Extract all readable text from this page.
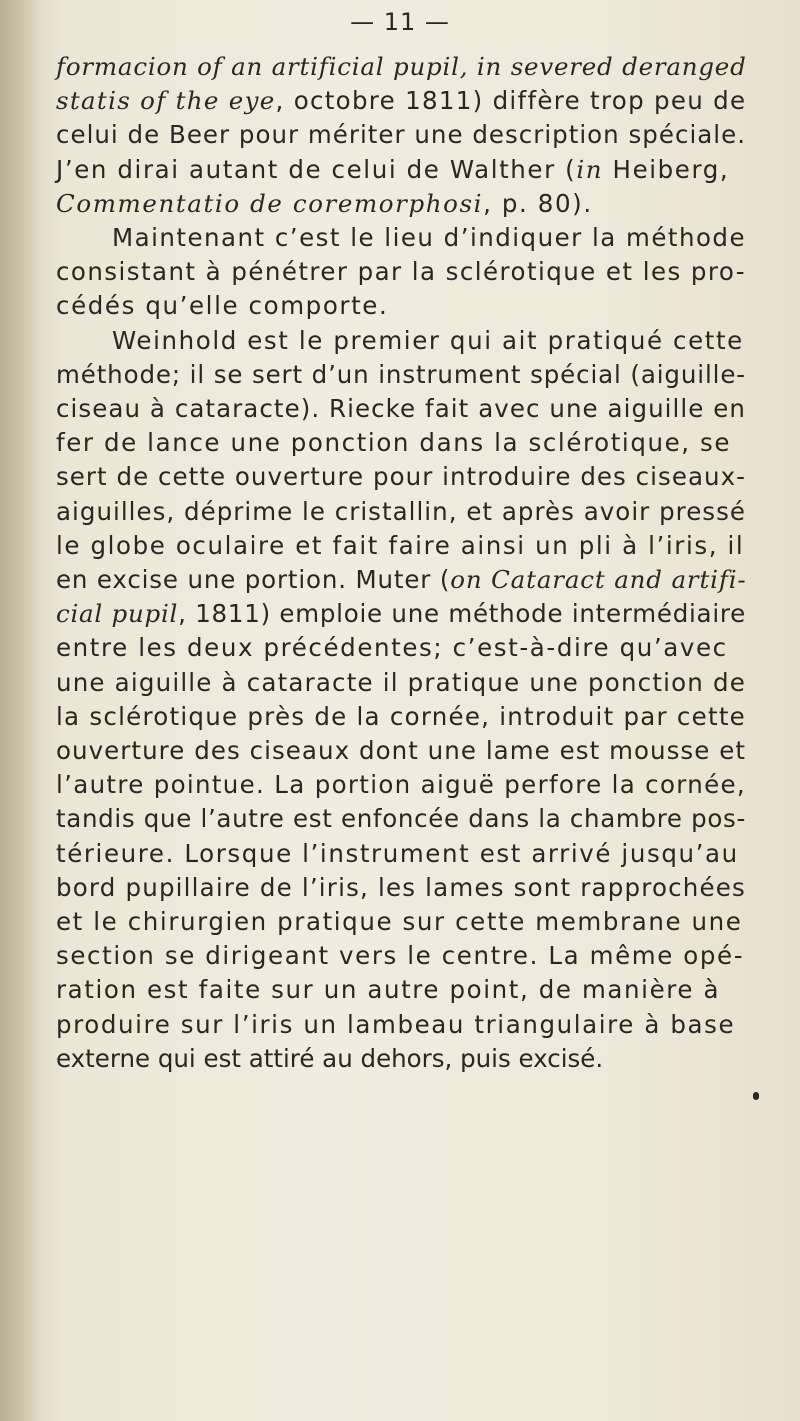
— 11 —
formacion of an artificial pupil, in severed deranged
statis of the eye, octobre 1811) diffère trop peu de
celui de Beer pour mériter une description spéciale.
J’en dirai autant de celui de Walther (in Heiberg,
Commentatio de coremorphosi, p. 80).
Maintenant c’est le lieu d’indiquer la méthode
consistant à pénétrer par la sclérotique et les pro-
cédés qu’elle comporte.
Weinhold est le premier qui ait pratiqué cette
méthode; il se sert d’un instrument spécial (aiguille-
ciseau à cataracte). Riecke fait avec une aiguille en
fer de lance une ponction dans la sclérotique, se
sert de cette ouverture pour introduire des ciseaux-
aiguilles, déprime le cristallin, et après avoir pressé
le globe oculaire et fait faire ainsi un pli à l’iris, il
en excise une portion. Muter (on Cataract and artifi-
cial pupil, 1811) emploie une méthode intermédiaire
entre les deux précédentes; c’est-à-dire qu’avec
une aiguille à cataracte il pratique une ponction de
la sclérotique près de la cornée, introduit par cette
ouverture des ciseaux dont une lame est mousse et
l’autre pointue. La portion aiguë perfore la cornée,
tandis que l’autre est enfoncée dans la chambre pos-
térieure. Lorsque l’instrument est arrivé jusqu’au
bord pupillaire de l’iris, les lames sont rapprochées
et le chirurgien pratique sur cette membrane une
section se dirigeant vers le centre. La même opé-
ration est faite sur un autre point, de manière à
produire sur l’iris un lambeau triangulaire à base
externe qui est attiré au dehors, puis excisé.
